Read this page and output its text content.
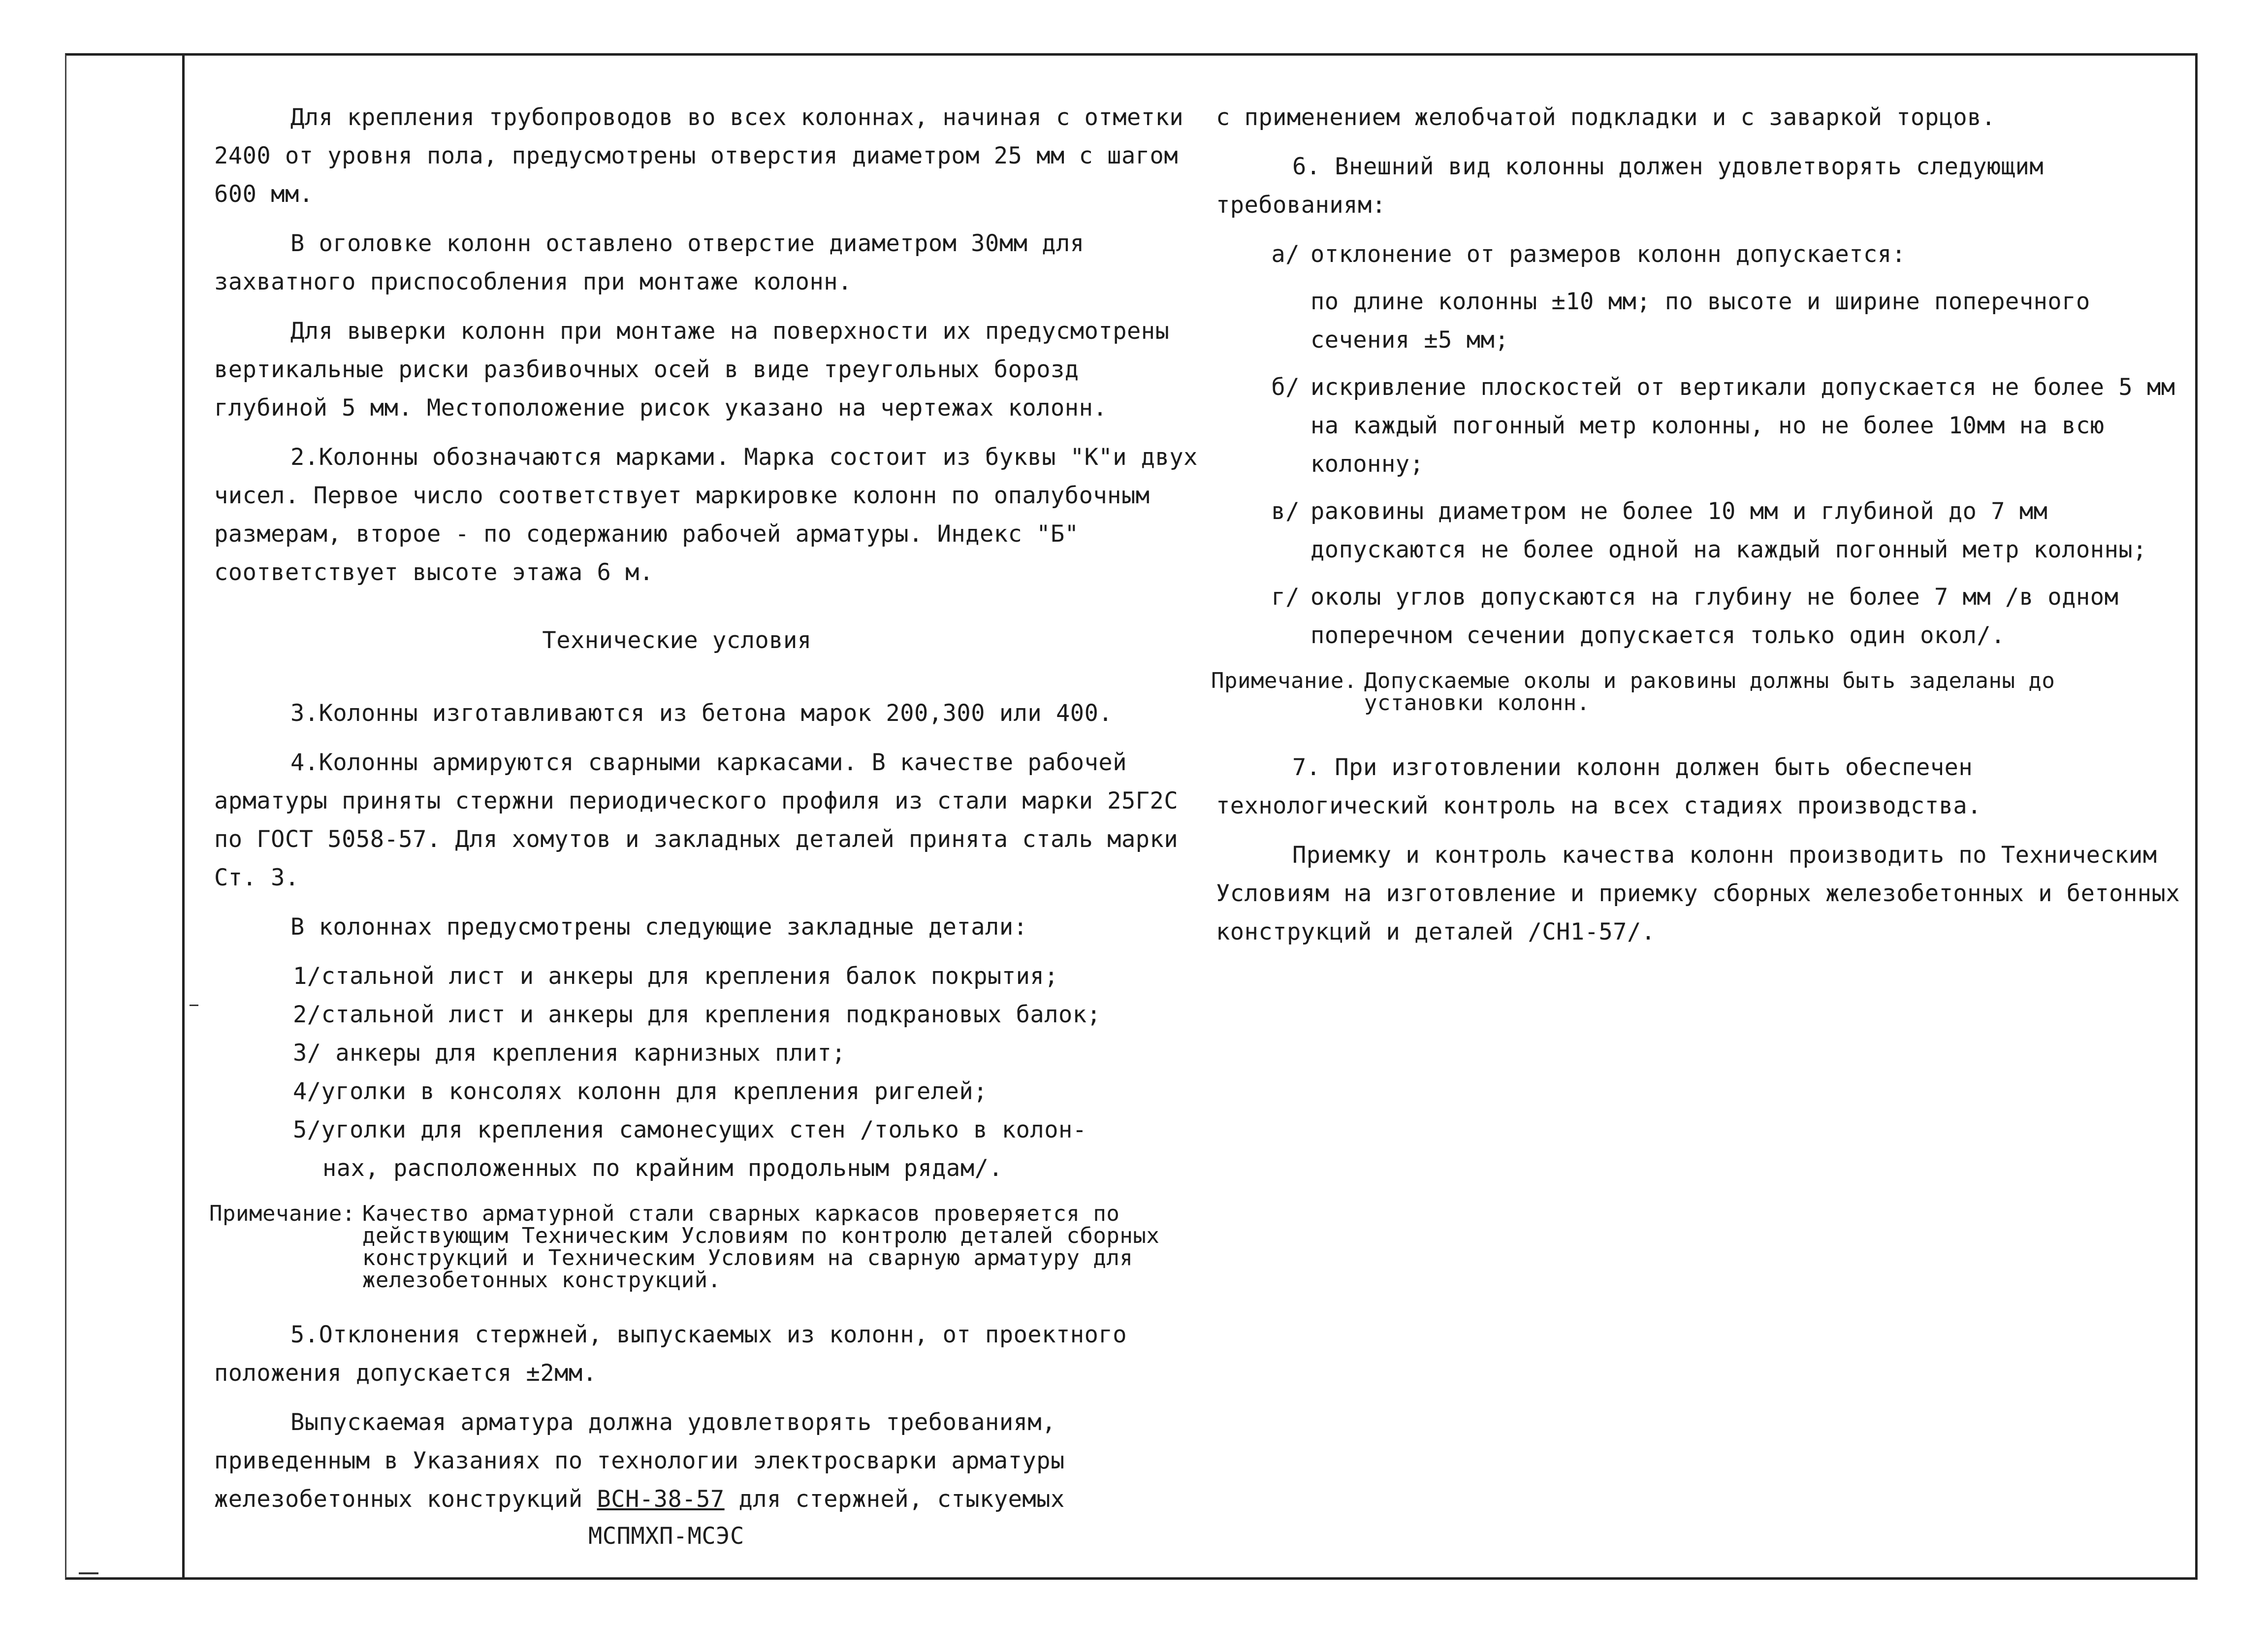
Для крепления трубопроводов во всех колоннах, начиная с отметки 2400 от уровня пола, предусмотрены отверстия диаметром 25 мм с шагом 600 мм.

В оголовке колонн оставлено отверстие диаметром 30мм для захватного приспособления при монтаже колонн.

Для выверки колонн при монтаже на поверхности их предусмотрены вертикальные риски разбивочных осей в виде треугольных борозд глубиной 5 мм. Местоположение рисок указано на чертежах колонн.

2.Колонны обозначаются марками. Марка состоит из буквы "К"и двух чисел. Первое число соответствует маркировке колонн по опалубочным размерам, второе - по содержанию рабочей арматуры. Индекс "Б" соответствует высоте этажа 6 м.

Технические условия

3.Колонны изготавливаются из бетона марок 200,300 или 400.

4.Колонны армируются сварными каркасами. В качестве рабочей арматуры приняты стержни периодического профиля из стали марки 25Г2С по ГОСТ 5058-57. Для хомутов и закладных деталей принята сталь марки Ст. 3.

В колоннах предусмотрены следующие закладные детали:

1/стальной лист и анкеры для крепления балок покрытия;

2/стальной лист и анкеры для крепления подкрановых балок;

3/ анкеры для крепления карнизных плит;

4/уголки в консолях колонн для крепления ригелей;

5/уголки для крепления самонесущих стен /только в колон-

нах, расположенных по крайним продольным рядам/.

Примечание: Качество арматурной стали сварных каркасов проверяется по действующим Техническим Условиям по контролю деталей сборных конструкций и Техническим Условиям на сварную арматуру для железобетонных конструкций.

5.Отклонения стержней, выпускаемых из колонн, от проектного положения допускается ±2мм.

Выпускаемая арматура должна удовлетворять требованиям, приведенным в Указаниях по технологии электросварки арматуры железобетонных конструкций ВСН-38-57 для стержней, стыкуемых

МСПМХП-МСЭС

с применением желобчатой подкладки и с заваркой торцов.

6. Внешний вид колонны должен удовлетворять следующим требованиям:

а/ отклонение от размеров колонн допускается:
по длине колонны ±10 мм; по высоте и ширине поперечного сечения ±5 мм;
б/ искривление плоскостей от вертикали допускается не более 5 мм на каждый погонный метр колонны, но не более 10мм на всю колонну;
в/ раковины диаметром не более 10 мм и глубиной до 7 мм допускаются не более одной на каждый погонный метр колонны;
г/ околы углов допускаются на глубину не более 7 мм /в одном поперечном сечении допускается только один окол/.
Примечание. Допускаемые околы и раковины должны быть заделаны до установки колонн.

7. При изготовлении колонн должен быть обеспечен технологический контроль на всех стадиях производства.

Приемку и контроль качества колонн производить по Техническим Условиям на изготовление и приемку сборных железобетонных и бетонных конструкций и деталей /СН1-57/.
